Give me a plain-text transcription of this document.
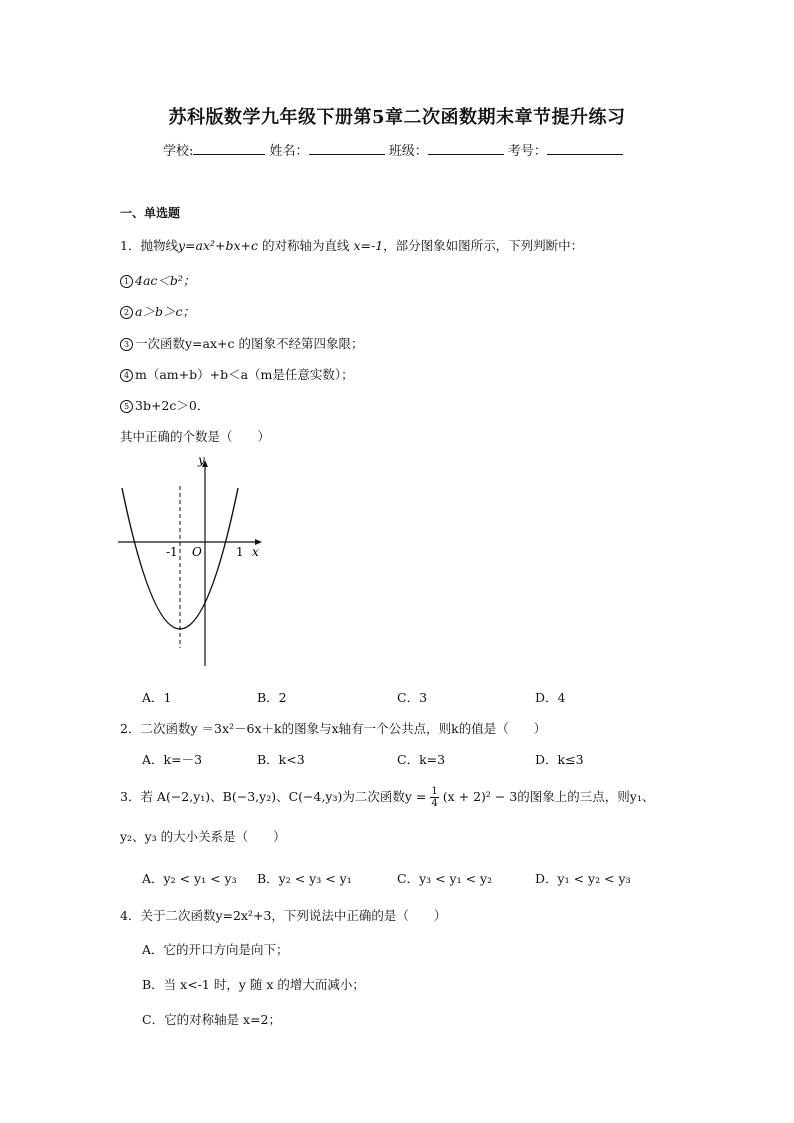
苏科版数学九年级下册第5章二次函数期末章节提升练习
学校:	姓名：	班级：	考号：
一、单选题
1．抛物线y=ax²+bx+c 的对称轴为直线 x=-1，部分图象如图所示，下列判断中：
1 4ac＜b²；
2 a＞b＞c；
3 一次函数y=ax+c 的图象不经第四象限；
4 m（am+b）+b＜a（m是任意实数）；
5 3b+2c＞0．
其中正确的个数是（　　）
y
x
O
-1	1
A．1	B．2	C．3	D．4
2．二次函数y ＝3x²－6x＋k的图象与x轴有一个公共点，则k的值是（　　）
A．k=－3	B．k<3	C．k=3	D．k≤3
3．若 A(−2,y₁)、B(−3,y₂)、C(−4,y₃)为二次函数$y = \frac{1}{4} (x + 2)^2 - 3$的图象上的三点，则y₁、
y₂、y₃ 的大小关系是（　　）
A．y₂ < y₁ < y₃ B．y₂ < y₃ < y₁	C．y₃ < y₁ < y₂	D．y₁ < y₂ < y₃
4．关于二次函数y=2x²+3，下列说法中正确的是（　　）
A．它的开口方向是向下；
B．当 x<-1 时，y 随 x 的增大而减小；
C．它的对称轴是 x=2；
